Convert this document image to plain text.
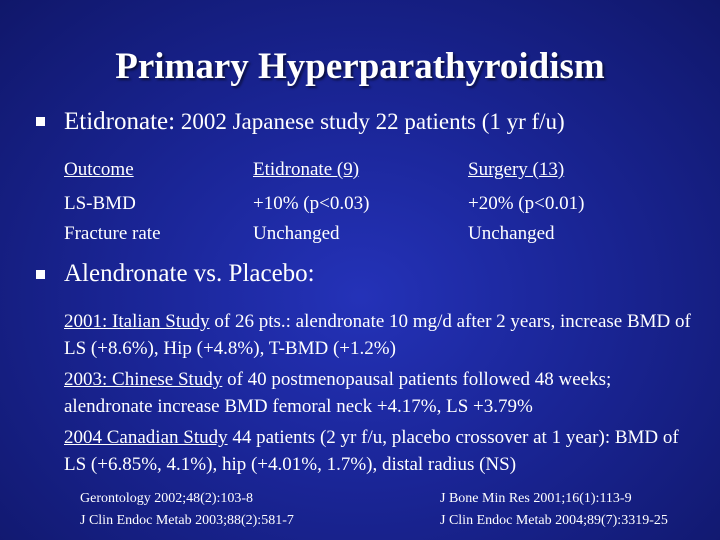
Primary Hyperparathyroidism
Etidronate: 2002 Japanese study 22 patients (1 yr f/u)
Outcome	Etidronate (9)	Surgery (13)
LS-BMD	+10% (p<0.03)	+20% (p<0.01)
Fracture rate	Unchanged	Unchanged
Alendronate vs. Placebo:
2001: Italian Study of 26 pts.: alendronate 10 mg/d after 2 years, increase BMD of LS (+8.6%), Hip (+4.8%), T-BMD (+1.2%)
2003: Chinese Study of 40 postmenopausal patients followed 48 weeks; alendronate increase BMD femoral neck +4.17%, LS +3.79%
2004 Canadian Study 44 patients (2 yr f/u, placebo crossover at 1 year): BMD of LS (+6.85%, 4.1%), hip (+4.01%, 1.7%), distal radius (NS)
Gerontology 2002;48(2):103-8	J Bone Min Res 2001;16(1):113-9
J Clin Endoc Metab 2003;88(2):581-7	J Clin Endoc Metab 2004;89(7):3319-25
